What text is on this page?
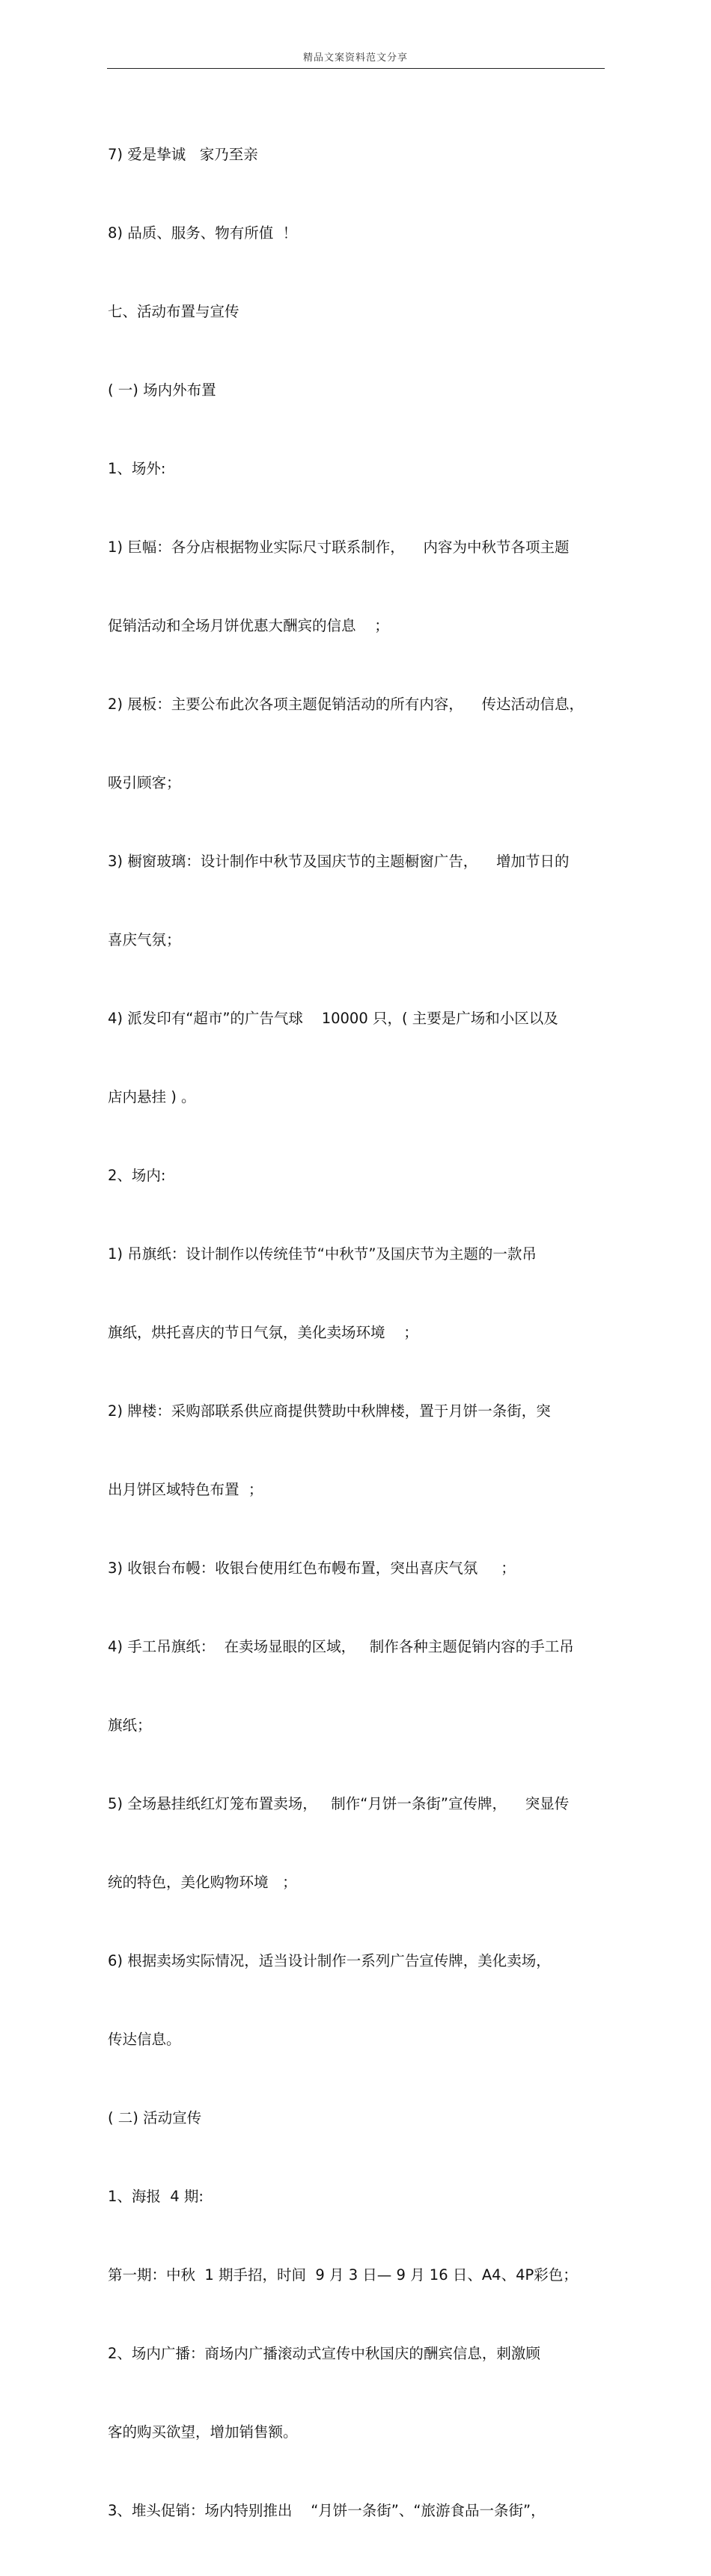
精品文案资料范文分享

7) 爱是挚诚   家乃至亲

8) 品质、服务、物有所值  ！

七、活动布置与宣传

( 一) 场内外布置

1、场外:

1) 巨幅：各分店根据物业实际尺寸联系制作，    内容为中秋节各项主题

促销活动和全场月饼优惠大酬宾的信息    ；

2) 展板：主要公布此次各项主题促销活动的所有内容，    传达活动信息，

吸引顾客；

3) 橱窗玻璃：设计制作中秋节及国庆节的主题橱窗广告，    增加节日的

喜庆气氛；

4) 派发印有“超市”的广告气球    10000 只，( 主要是广场和小区以及

店内悬挂 ) 。

2、场内:

1) 吊旗纸：设计制作以传统佳节“中秋节”及国庆节为主题的一款吊

旗纸，烘托喜庆的节日气氛，美化卖场环境    ；

2) 牌楼：采购部联系供应商提供赞助中秋牌楼，置于月饼一条街，突

出月饼区域特色布置  ；

3) 收银台布幔：收银台使用红色布幔布置，突出喜庆气氛     ；

4) 手工吊旗纸：  在卖场显眼的区域，   制作各种主题促销内容的手工吊

旗纸；

5) 全场悬挂纸红灯笼布置卖场，   制作“月饼一条街”宣传牌，    突显传

统的特色，美化购物环境   ；

6) 根据卖场实际情况，适当设计制作一系列广告宣传牌，美化卖场，

传达信息。

( 二) 活动宣传

1、海报  4 期:

第一期：中秋  1 期手招，时间  9 月 3 日— 9 月 16 日、A4、4P彩色；

2、场内广播：商场内广播滚动式宣传中秋国庆的酬宾信息，刺激顾

客的购买欲望，增加销售额。

3、堆头促销：场内特别推出    “月饼一条街”、“旅游食品一条街”，
